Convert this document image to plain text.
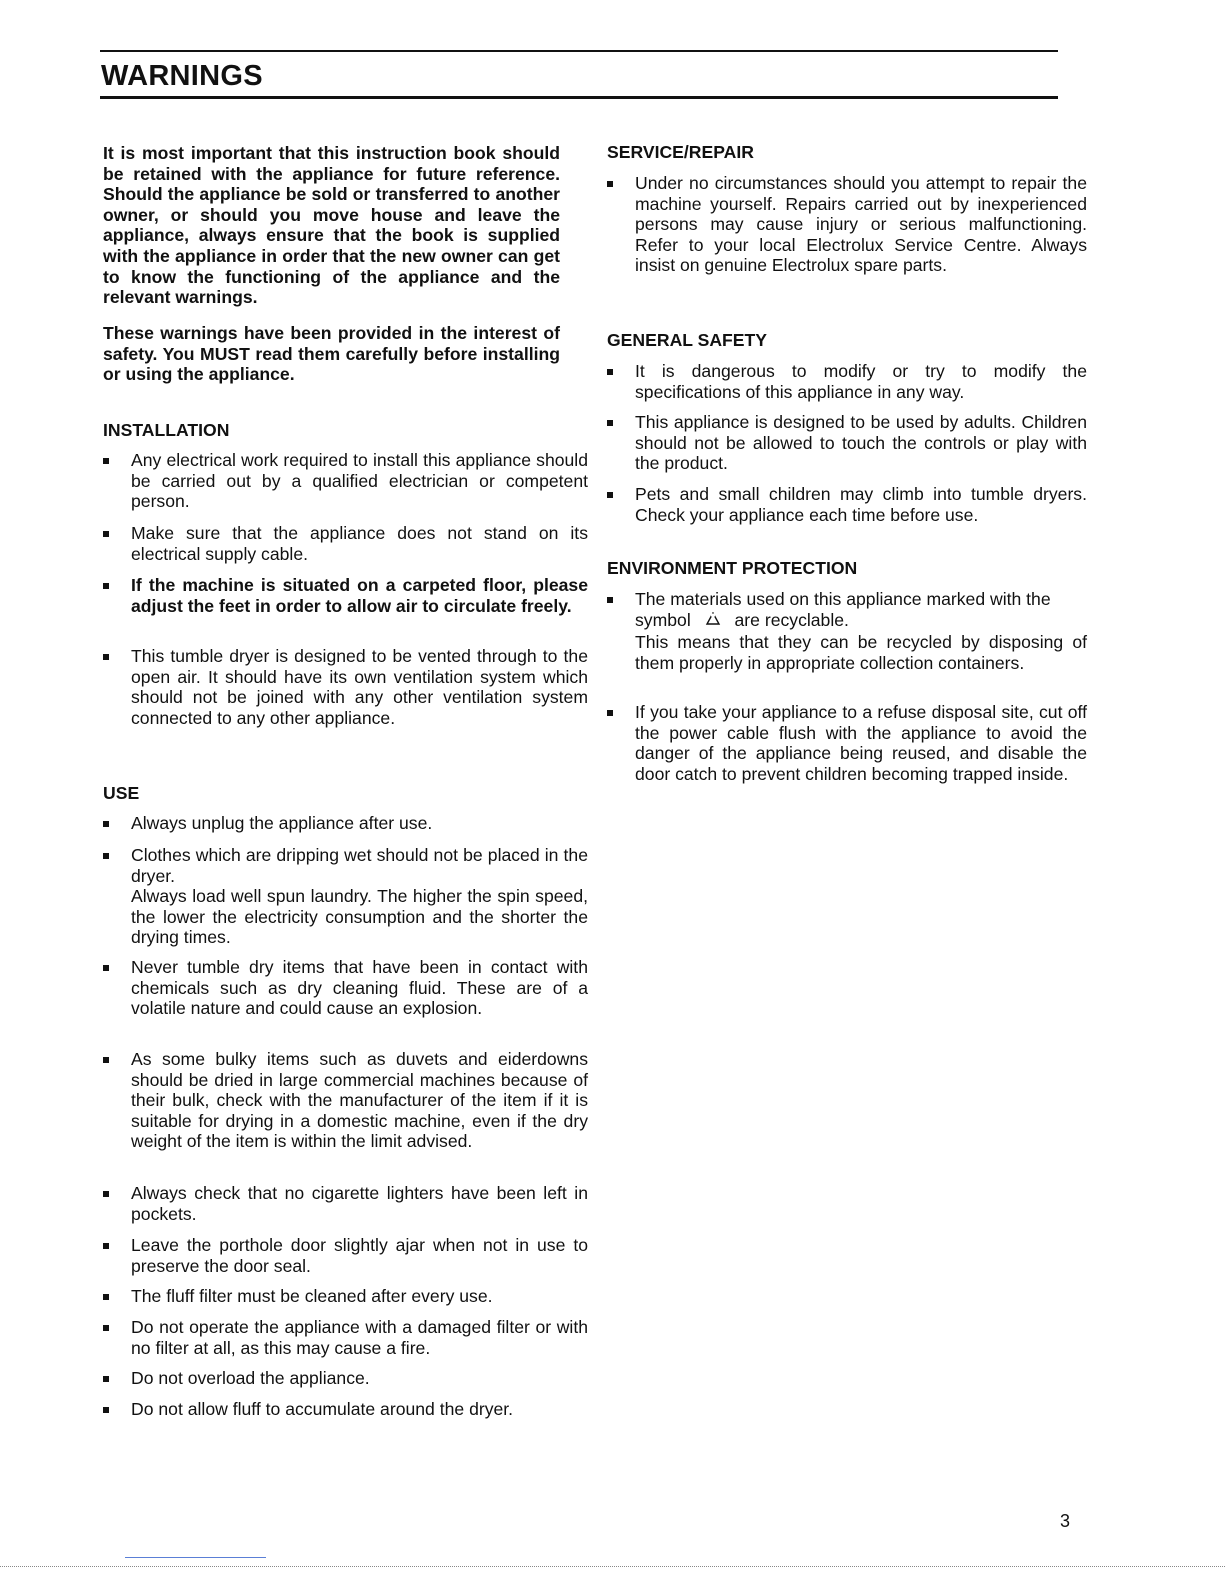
WARNINGS
It is most important that this instruction book should be retained with the appliance for future reference. Should the appliance be sold or transferred to another owner, or should you move house and leave the appliance, always ensure that the book is supplied with the appliance in order that the new owner can get to know the functioning of the appliance and the relevant warnings.
These warnings have been provided in the interest of safety. You MUST read them carefully before installing or using the appliance.
INSTALLATION
Any electrical work required to install this appliance should be carried out by a qualified electrician or competent person.
Make sure that the appliance does not stand on its electrical supply cable.
If the machine is situated on a carpeted floor, please adjust the feet in order to allow air to circulate freely.
This tumble dryer is designed to be vented through to the open air. It should have its own ventilation system which should not be joined with any other ventilation system connected to any other appliance.
USE
Always unplug the appliance after use.
Clothes which are dripping wet should not be placed in the dryer.
Always load well spun laundry. The higher the spin speed, the lower the electricity consumption and the shorter the drying times.
Never tumble dry items that have been in contact with chemicals such as dry cleaning fluid. These are of a volatile nature and could cause an explosion.
As some bulky items such as duvets and eiderdowns should be dried in large commercial machines because of their bulk, check with the manufacturer of the item if it is suitable for drying in a domestic machine, even if the dry weight of the item is within the limit advised.
Always check that no cigarette lighters have been left in pockets.
Leave the porthole door slightly ajar when not in use to preserve the door seal.
The fluff filter must be cleaned after every use.
Do not operate the appliance with a damaged filter or with no filter at all, as this may cause a fire.
Do not overload the appliance.
Do not allow fluff to accumulate around the dryer.
SERVICE/REPAIR
Under no circumstances should you attempt to repair the machine yourself. Repairs carried out by inexperienced persons may cause injury or serious malfunctioning. Refer to your local Electrolux Service Centre. Always insist on genuine Electrolux spare parts.
GENERAL SAFETY
It is dangerous to modify or try to modify the specifications of this appliance in any way.
This appliance is designed to be used by adults. Children should not be allowed to touch the controls or play with the product.
Pets and small children may climb into tumble dryers. Check your appliance each time before use.
ENVIRONMENT PROTECTION
The materials used on this appliance marked with the symbol are recyclable.

This means that they can be recycled by disposing of them properly in appropriate collection containers.
If you take your appliance to a refuse disposal site, cut off the power cable flush with the appliance to avoid the danger of the appliance being reused, and disable the door catch to prevent children becoming trapped inside.
3
